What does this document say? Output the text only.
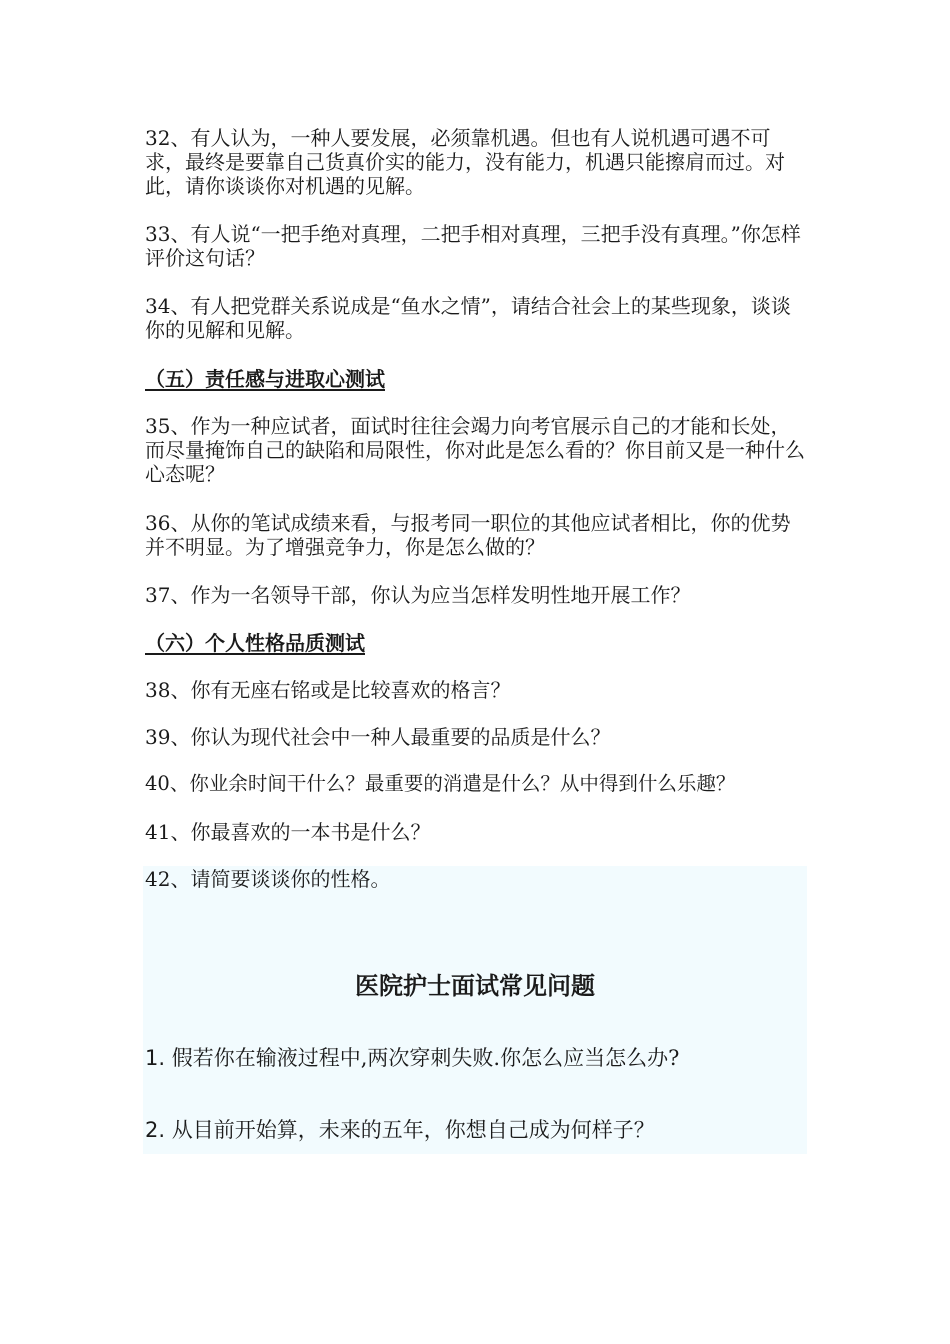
32、有人认为，一种人要发展，必须靠机遇。但也有人说机遇可遇不可求，最终是要靠自己货真价实的能力，没有能力，机遇只能擦肩而过。对此，请你谈谈你对机遇的见解。

33、有人说“一把手绝对真理，二把手相对真理，三把手没有真理。”你怎样评价这句话？

34、有人把党群关系说成是“鱼水之情”，请结合社会上的某些现象，谈谈你的见解和见解。

（五）责任感与进取心测试

35、作为一种应试者，面试时往往会竭力向考官展示自己的才能和长处，而尽量掩饰自己的缺陷和局限性，你对此是怎么看的？你目前又是一种什么心态呢？

36、从你的笔试成绩来看，与报考同一职位的其他应试者相比，你的优势并不明显。为了增强竞争力，你是怎么做的？

37、作为一名领导干部，你认为应当怎样发明性地开展工作？

（六）个人性格品质测试

38、你有无座右铭或是比较喜欢的格言？

39、你认为现代社会中一种人最重要的品质是什么？

40、你业余时间干什么？最重要的消遣是什么？从中得到什么乐趣？

41、你最喜欢的一本书是什么？

42、请简要谈谈你的性格。

医院护士面试常见问题
1. 假若你在输液过程中,两次穿刺失败.你怎么应当怎么办?
2. 从目前开始算，未来的五年，你想自己成为何样子？
